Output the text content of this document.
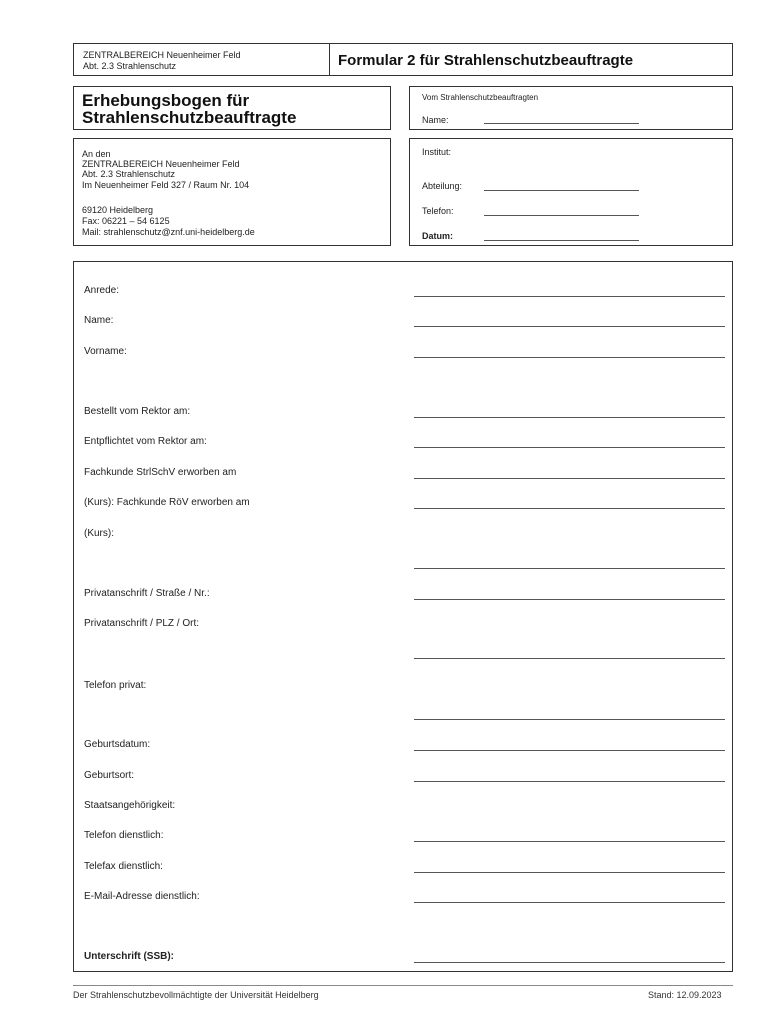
ZENTRALBEREICH Neuenheimer Feld
Abt. 2.3 Strahlenschutz	Formular 2 für Strahlenschutzbeauftragte
Erhebungsbogen für
Strahlenschutzbeauftragte
Vom Strahlenschutzbeauftragten
Name:
An den
ZENTRALBEREICH Neuenheimer Feld
Abt. 2.3 Strahlenschutz
Im Neuenheimer Feld 327 / Raum Nr. 104
69120 Heidelberg
Fax: 06221 – 54 6125
Mail: strahlenschutz@znf.uni-heidelberg.de
Institut:
Abteilung:
Telefon:
Datum:
Anrede:
Name:
Vorname:
Bestellt vom Rektor am:
Entpflichtet vom Rektor am:
Fachkunde StrlSchV erworben am
(Kurs): Fachkunde RöV erworben am
(Kurs):
Privatanschrift / Straße / Nr.:
Privatanschrift / PLZ / Ort:
Telefon privat:
Geburtsdatum:
Geburtsort:
Staatsangehörigkeit:
Telefon dienstlich:
Telefax dienstlich:
E-Mail-Adresse dienstlich:
Unterschrift (SSB):
Der Strahlenschutzbevollmächtigte der Universität Heidelberg	Stand: 12.09.2023
